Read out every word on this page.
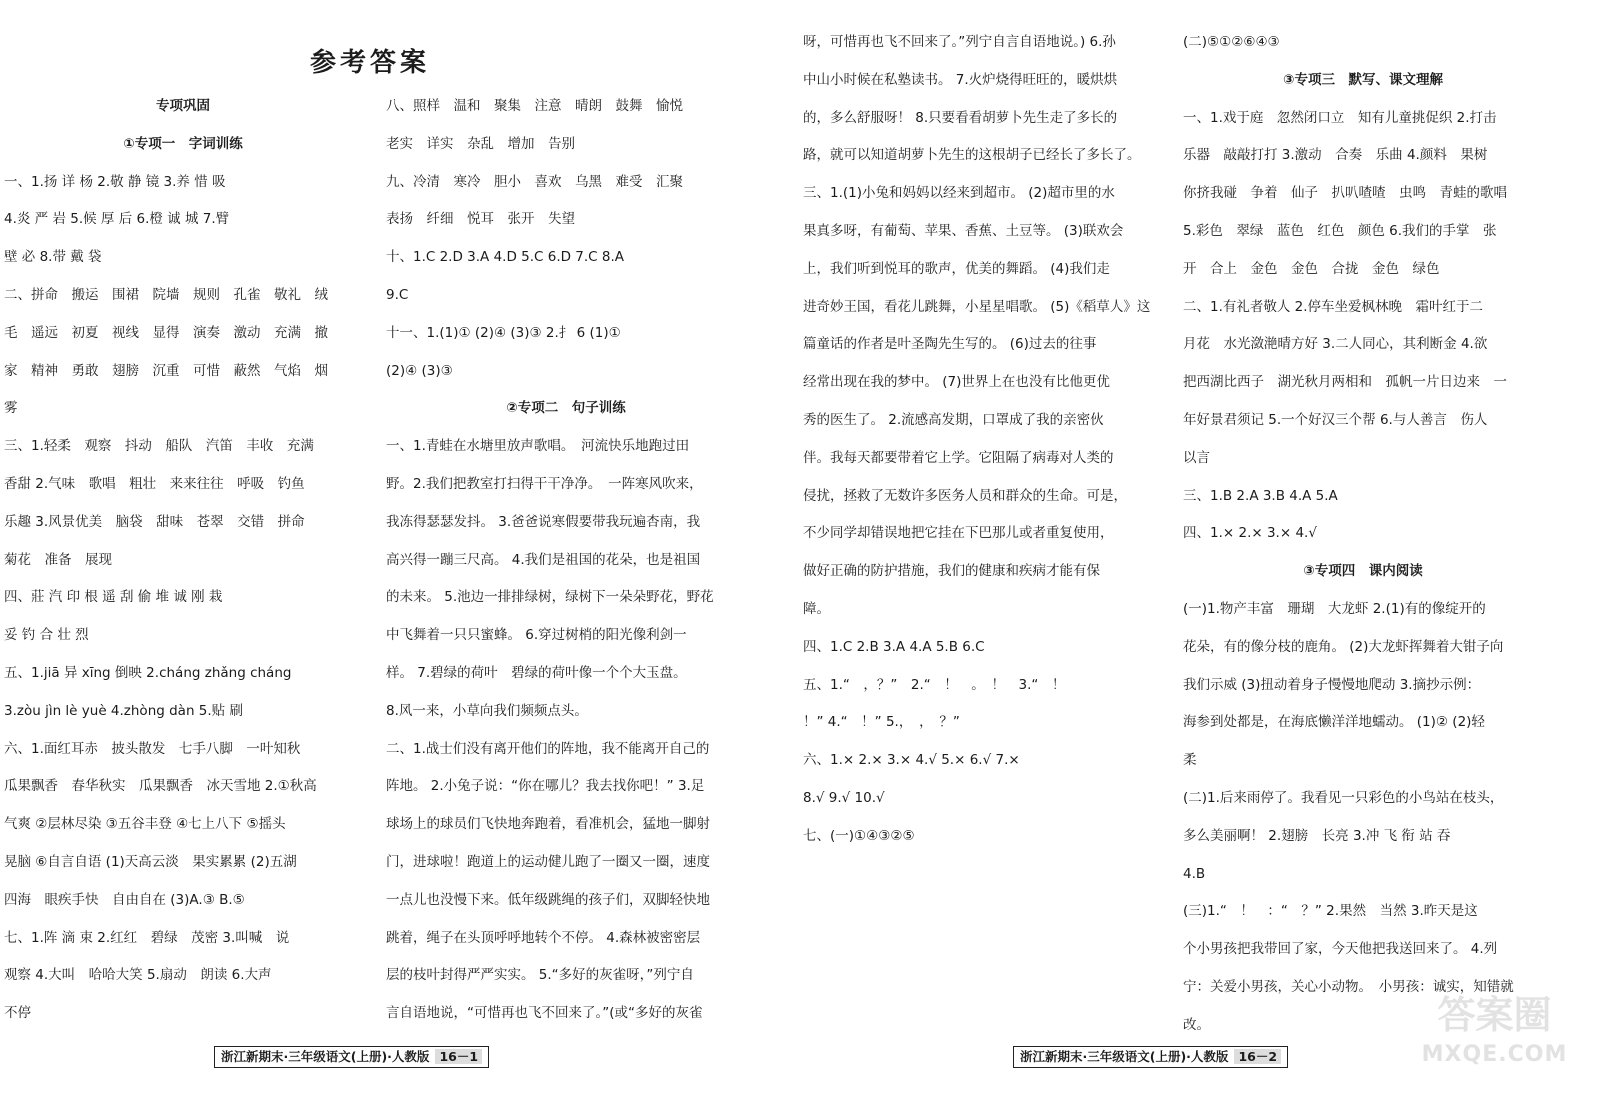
参考答案
专项巩固
①专项一　字词训练
一、1.扬 详 杨 2.敬 静 镜 3.养 惜 吸
4.炎 严 岩 5.候 厚 后 6.橙 诚 城 7.臂
壁 必 8.带 戴 袋
二、拼命　搬运　围裙　院墙　规则　孔雀　敬礼　绒
毛　遥远　初夏　视线　显得　演奏　激动　充满　撤
家　精神　勇敢　翅膀　沉重　可惜　蔽然　气焰　烟
雾
三、1.轻柔　观察　抖动　船队　汽笛　丰收　充满
香甜 2.气味　歌唱　粗壮　来来往往　呼吸　钓鱼
乐趣 3.风景优美　脑袋　甜味　苍翠　交错　拼命
菊花　准备　展现
四、莊 汽 印 根 遥 刮 偷 堆 诚 刚 栽
妥 钓 合 壮 烈
五、1.jiā 异 xīng 倒映 2.cháng zhǎng cháng
3.zòu jìn lè yuè 4.zhòng dàn 5.贴 刷
六、1.面红耳赤　披头散发　七手八脚　一叶知秋
瓜果飘香　春华秋实　瓜果飘香　冰天雪地 2.①秋高
气爽 ②层林尽染 ③五谷丰登 ④七上八下 ⑤摇头
晃脑 ⑥自言自语 (1)天高云淡　果实累累 (2)五湖
四海　眼疾手快　自由自在 (3)A.③ B.⑤
七、1.阵 滴 束 2.红红　碧绿　茂密 3.叫喊　说
观察 4.大叫　哈哈大笑 5.扇动　朗读 6.大声
不停
八、照样　温和　聚集　注意　晴朗　鼓舞　愉悦
老实　详实　杂乱　增加　告别
九、冷清　寒冷　胆小　喜欢　乌黑　难受　汇聚
表扬　纤细　悦耳　张开　失望
十、1.C 2.D 3.A 4.D 5.C 6.D 7.C 8.A
9.C
十一、1.(1)① (2)④ (3)③ 2.扌 6 (1)①
(2)④ (3)③
②专项二　句子训练
一、1.青蛙在水塘里放声歌唱。　河流快乐地跑过田
野。2.我们把教室打扫得干干净净。　一阵寒风吹来，
我冻得瑟瑟发抖。 3.爸爸说寒假要带我玩遍杏南，我
高兴得一蹦三尺高。 4.我们是祖国的花朵，也是祖国
的未来。 5.池边一排排绿树，绿树下一朵朵野花，野花
中飞舞着一只只蜜蜂。 6.穿过树梢的阳光像利剑一
样。 7.碧绿的荷叶　碧绿的荷叶像一个个大玉盘。
8.风一来，小草向我们频频点头。
二、1.战士们没有离开他们的阵地，我不能离开自己的
阵地。 2.小兔子说：“你在哪儿？我去找你吧！” 3.足
球场上的球员们飞快地奔跑着，看准机会，猛地一脚射
门，进球啦！跑道上的运动健儿跑了一圈又一圈，速度
一点儿也没慢下来。低年级跳绳的孩子们，双脚轻快地
跳着，绳子在头顶呼呼地转个不停。 4.森林被密密层
层的枝叶封得严严实实。 5.“多好的灰雀呀，”列宁自
言自语地说，“可惜再也飞不回来了。”(或“多好的灰雀
呀，可惜再也飞不回来了。”列宁自言自语地说。) 6.孙
中山小时候在私塾读书。 7.火炉烧得旺旺的，暖烘烘
的，多么舒服呀！ 8.只要看看胡萝卜先生走了多长的
路，就可以知道胡萝卜先生的这根胡子已经长了多长了。
三、1.(1)小兔和妈妈以经来到超市。 (2)超市里的水
果真多呀，有葡萄、苹果、香蕉、土豆等。 (3)联欢会
上，我们听到悦耳的歌声，优美的舞蹈。 (4)我们走
进奇妙王国，看花儿跳舞，小星星唱歌。 (5)《稻草人》这
篇童话的作者是叶圣陶先生写的。 (6)过去的往事
经常出现在我的梦中。 (7)世界上在也没有比他更优
秀的医生了。 2.流感高发期，口罩成了我的亲密伙
伴。我每天都要带着它上学。它阻隔了病毒对人类的
侵扰，拯救了无数许多医务人员和群众的生命。可是，
不少同学却错误地把它挂在下巴那儿或者重复使用，
做好正确的防护措施，我们的健康和疾病才能有保
障。
四、1.C 2.B 3.A 4.A 5.B 6.C
五、1.“　，？”　2.“　！　。　！　3.“　！
！” 4.“　！” 5.，　，　？”
六、1.× 2.× 3.× 4.√ 5.× 6.√ 7.×
8.√ 9.√ 10.√
七、(一)①④③②⑤
(二)⑤①②⑥④③
③专项三　默写、课文理解
一、1.戏于庭　忽然闭口立　知有儿童挑促织 2.打击
乐器　敲敲打打 3.激动　合奏　乐曲 4.颜料　果树
你挤我碰　争着　仙子　扒叭喳喳　虫鸣　青蛙的歌唱
5.彩色　翠绿　蓝色　红色　颜色 6.我们的手掌　张
开　合上　金色　金色　合拢　金色　绿色
二、1.有礼者敬人 2.停车坐爱枫林晚　霜叶红于二
月花　水光潋滟晴方好 3.二人同心，其利断金 4.欲
把西湖比西子　湖光秋月两相和　孤帆一片日边来　一
年好景君须记 5.一个好汉三个帮 6.与人善言　伤人
以言
三、1.B 2.A 3.B 4.A 5.A
四、1.× 2.× 3.× 4.√
③专项四　课内阅读
(一)1.物产丰富　珊瑚　大龙虾 2.(1)有的像绽开的
花朵，有的像分枝的鹿角。 (2)大龙虾挥舞着大钳子向
我们示威 (3)扭动着身子慢慢地爬动 3.摘抄示例：
海参到处都是，在海底懒洋洋地蠕动。 (1)② (2)轻
柔
(二)1.后来雨停了。我看见一只彩色的小鸟站在枝头，
多么美丽啊！ 2.翅膀　长亮 3.冲 飞 衔 站 吞
4.B
(三)1.“　！　：“　？” 2.果然　当然 3.昨天是这
个小男孩把我带回了家，今天他把我送回来了。 4.列
宁：关爱小男孩，关心小动物。　小男孩：诚实，知错就
改。
浙江新期末·三年级语文(上册)·人教版 16－1	浙江新期末·三年级语文(上册)·人教版 16－2
答案圈
MXQE.COM
